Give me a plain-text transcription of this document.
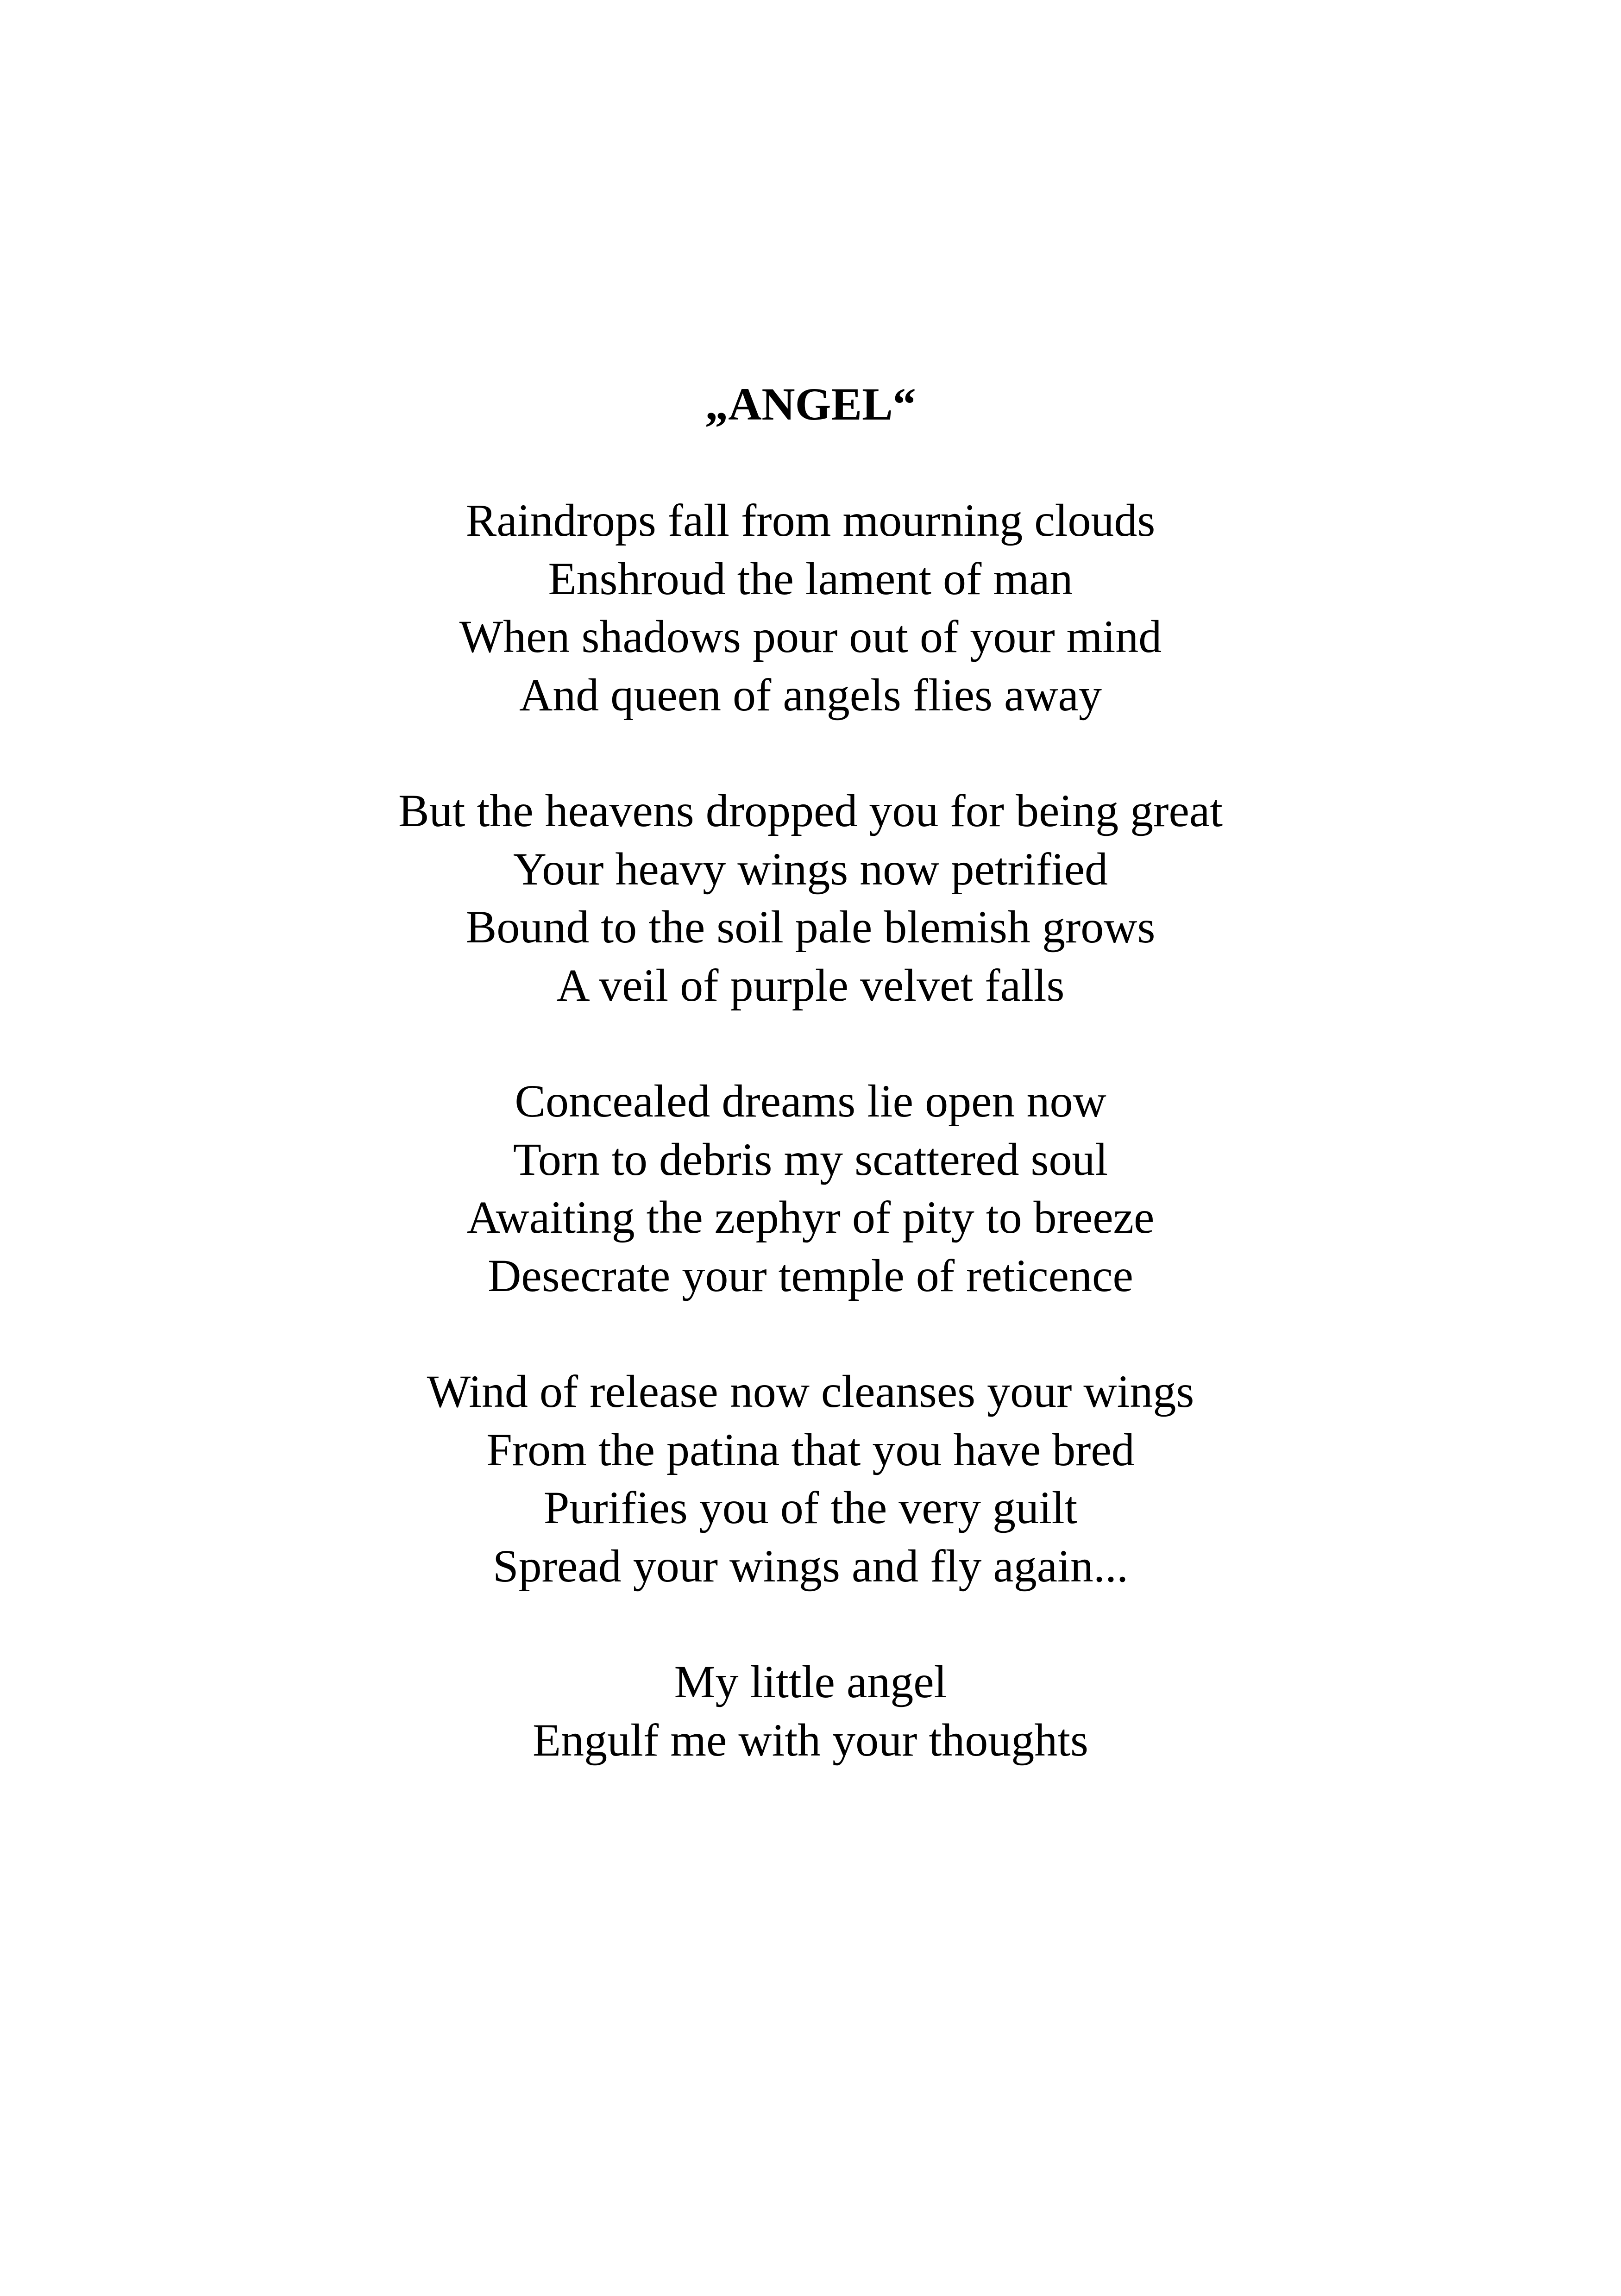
„ANGEL“
Raindrops fall from mourning clouds
Enshroud the lament of man
When shadows pour out of your mind
And queen of angels flies away
But the heavens dropped you for being great
Your heavy wings now petrified
Bound to the soil pale blemish grows
A veil of purple velvet falls
Concealed dreams lie open now
Torn to debris my scattered soul
Awaiting the zephyr of pity to breeze
Desecrate your temple of reticence
Wind of release now cleanses your wings
From the patina that you have bred
Purifies you of the very guilt
Spread your wings and fly again...
My little angel
Engulf me with your thoughts
